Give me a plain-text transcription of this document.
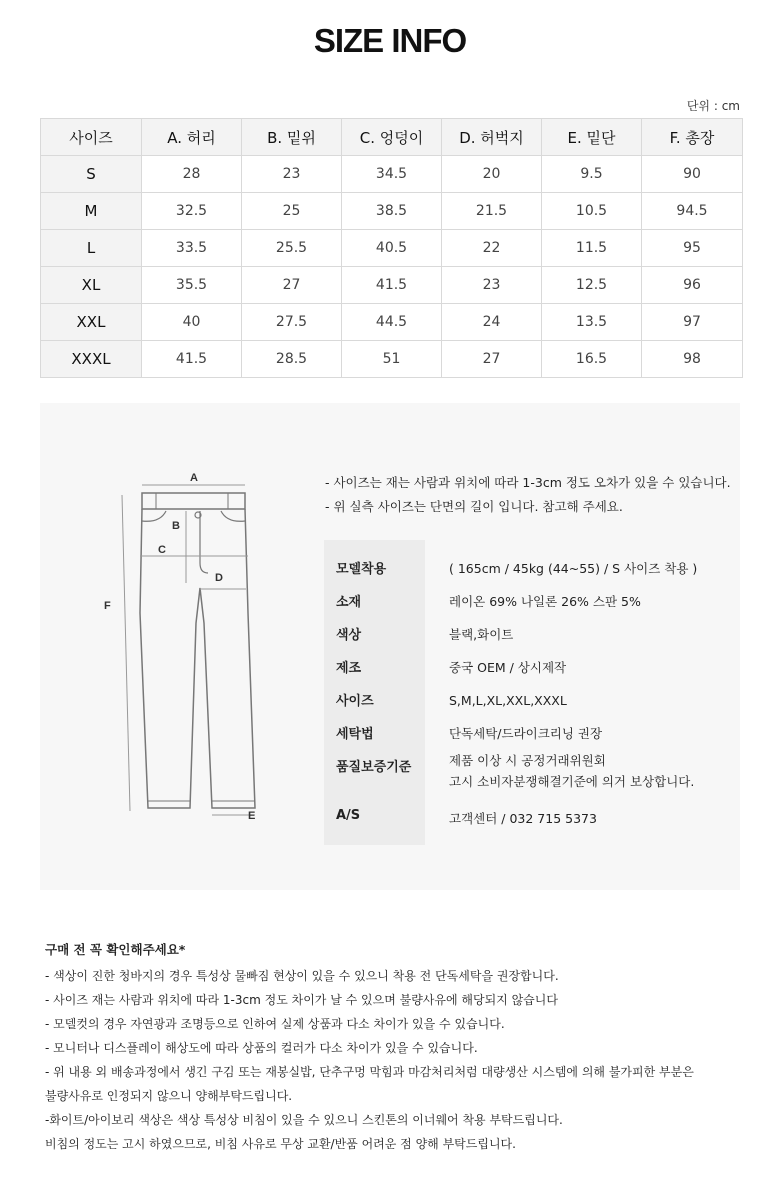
SIZE INFO
단위 : cm
사이즈	A. 허리	B. 밑위	C. 엉덩이	D. 허벅지	E. 밑단	F. 총장
S	28	23	34.5	20	9.5	90
M	32.5	25	38.5	21.5	10.5	94.5
L	33.5	25.5	40.5	22	11.5	95
XL	35.5	27	41.5	23	12.5	96
XXL	40	27.5	44.5	24	13.5	97
XXXL	41.5	28.5	51	27	16.5	98
A
B
C
D
F
E
- 사이즈는 재는 사람과 위치에 따라 1-3cm 정도 오차가 있을 수 있습니다.
- 위 실측 사이즈는 단면의 길이 입니다. 참고해 주세요.
모델착용	( 165cm / 45kg (44~55) / S 사이즈 착용 )
소재	레이온 69% 나일론 26% 스판 5%
색상	블랙,화이트
제조	중국 OEM / 상시제작
사이즈	S,M,L,XL,XXL,XXXL
세탁법	단독세탁/드라이크리닝 권장
품질보증기준	제품 이상 시 공정거래위원회
고시 소비자분쟁해결기준에 의거 보상합니다.
A/S	고객센터 / 032 715 5373
구매 전 꼭 확인해주세요*
- 색상이 진한 청바지의 경우 특성상 물빠짐 현상이 있을 수 있으니 착용 전 단독세탁을 권장합니다.
- 사이즈 재는 사람과 위치에 따라 1-3cm 정도 차이가 날 수 있으며 불량사유에 해당되지 않습니다
- 모델컷의 경우 자연광과 조명등으로 인하여 실제 상품과 다소 차이가 있을 수 있습니다.
- 모니터나 디스플레이 해상도에 따라 상품의 컬러가 다소 차이가 있을 수 있습니다.
- 위 내용 외 배송과정에서 생긴 구김 또는 재봉실밥, 단추구멍 막힘과 마감처리처럼 대량생산 시스템에 의해 불가피한 부분은
불량사유로 인정되지 않으니 양해부탁드립니다.
-화이트/아이보리 색상은 색상 특성상 비침이 있을 수 있으니 스킨톤의 이너웨어 착용 부탁드립니다.
비침의 정도는 고시 하였으므로, 비침 사유로 무상 교환/반품 어려운 점 양해 부탁드립니다.
